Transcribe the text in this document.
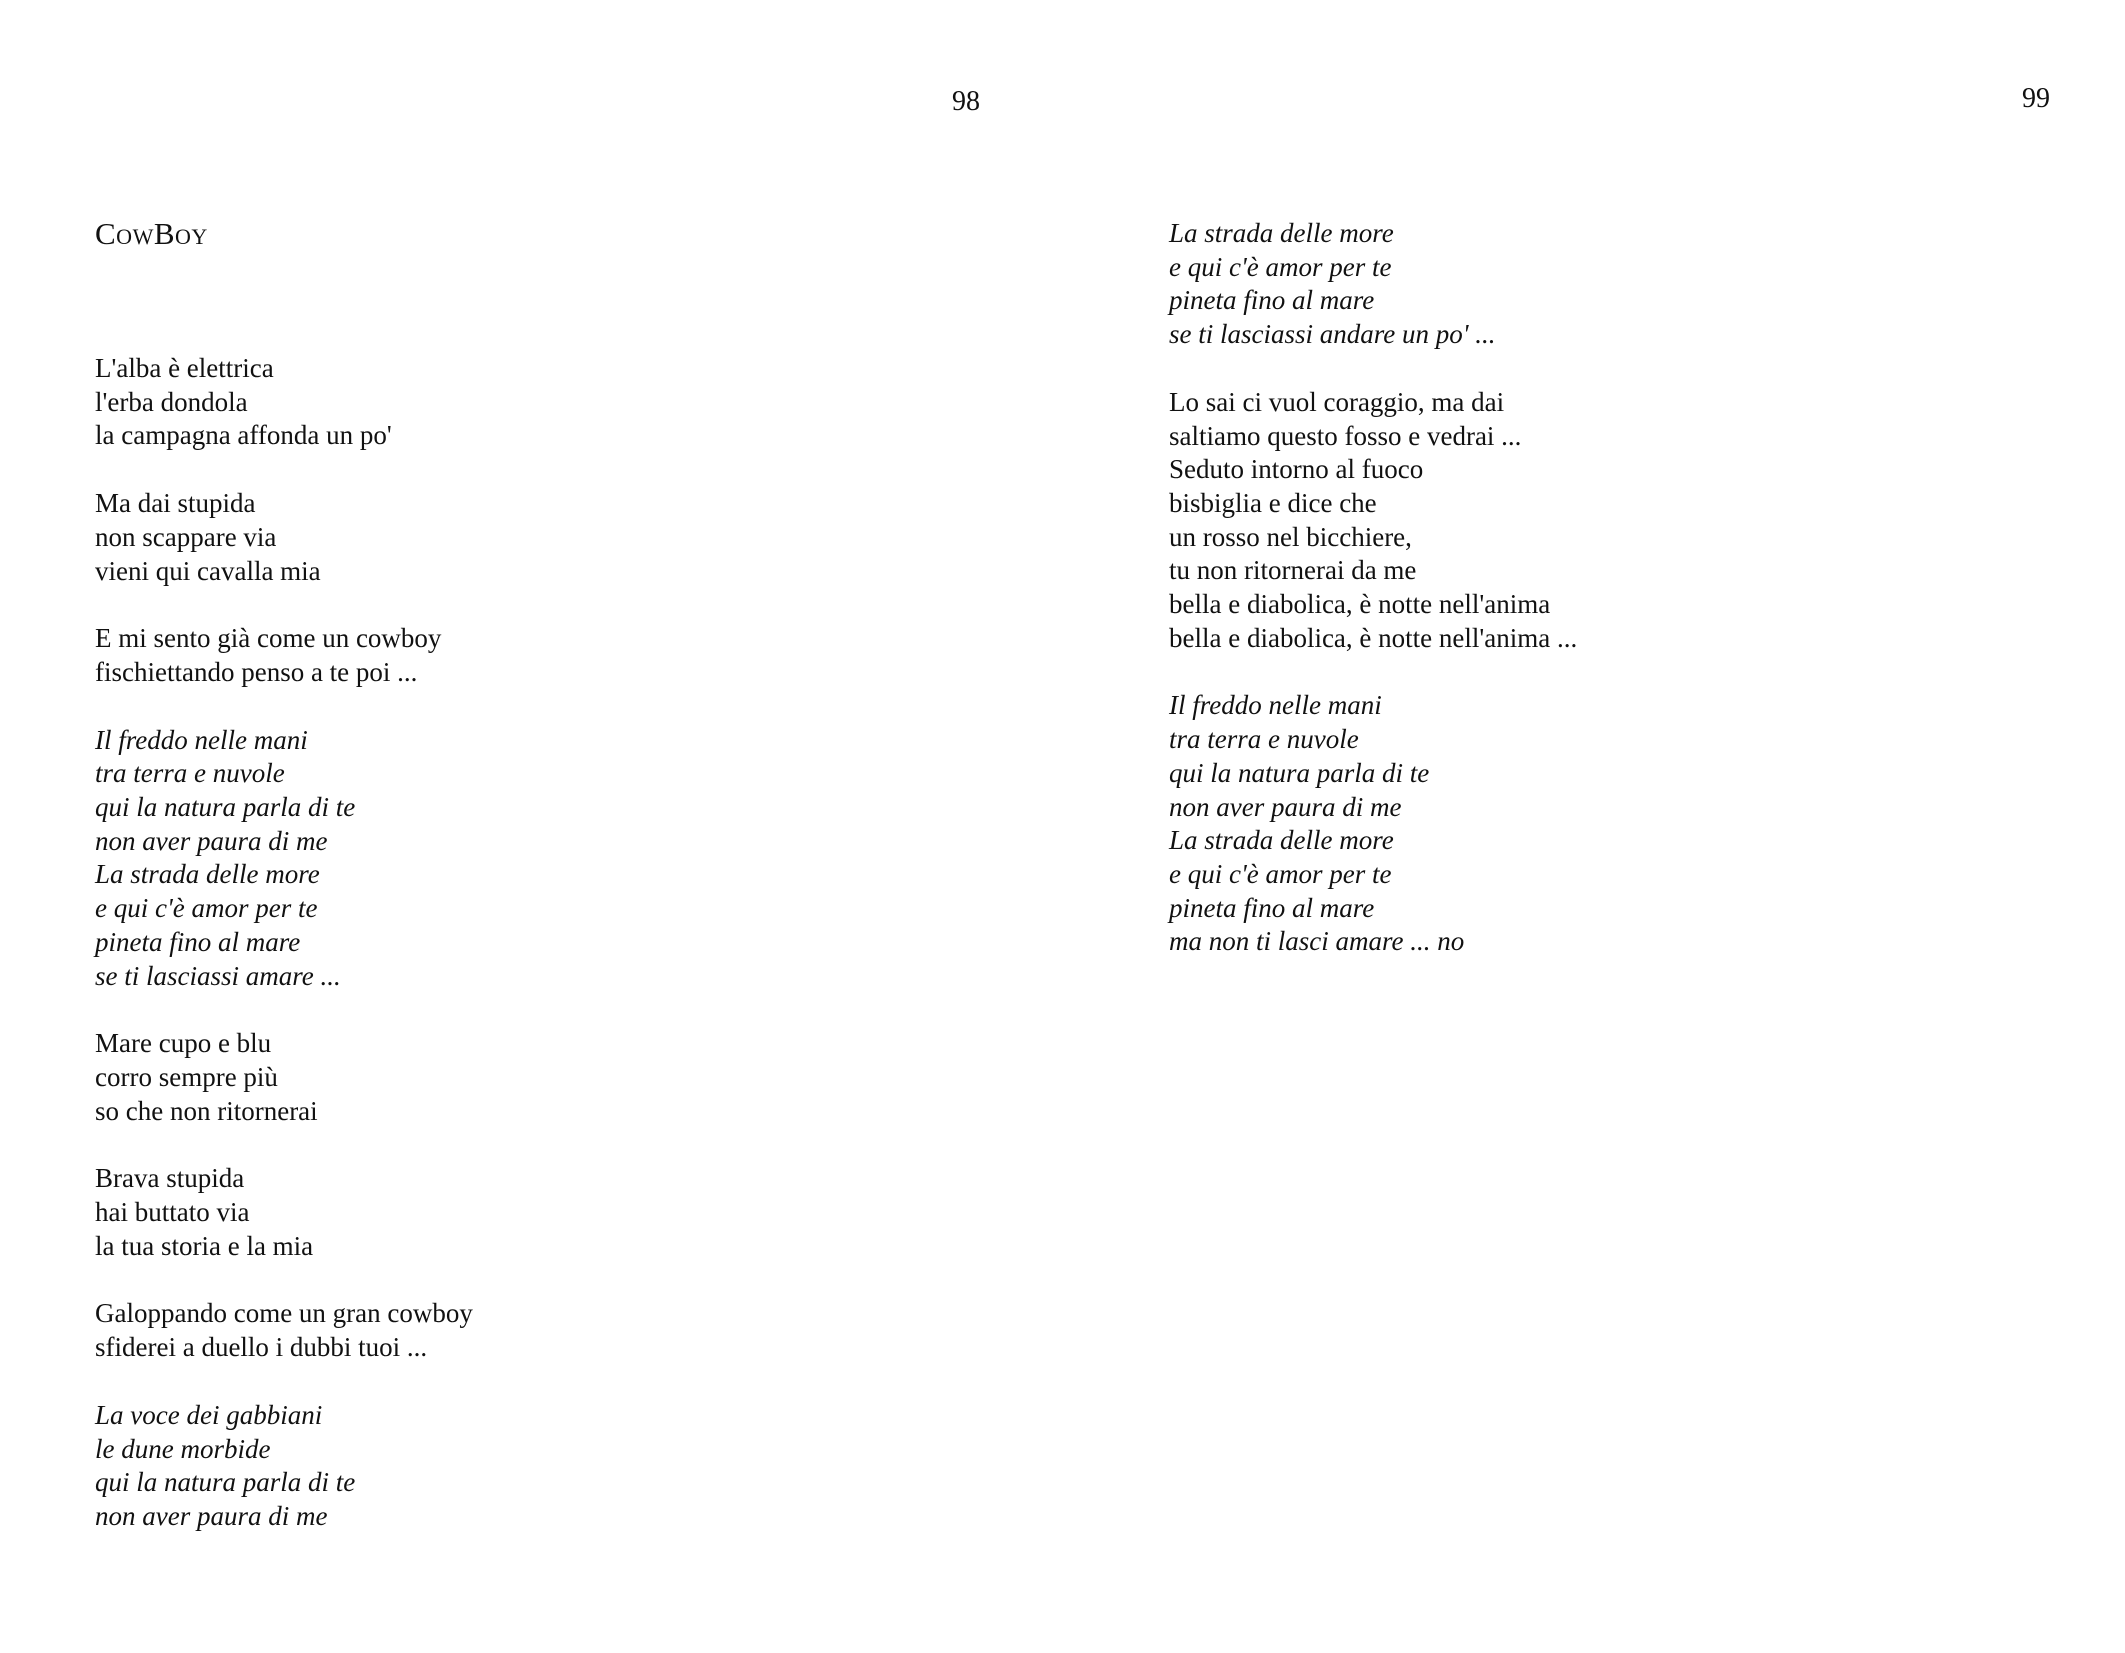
98	99
CowBoy
L'alba è elettrica
l'erba dondola
la campagna affonda un po'
Ma dai stupida
non scappare via
vieni qui cavalla mia
E mi sento già come un cowboy
fischiettando penso a te poi ...
Il freddo nelle mani
tra terra e nuvole
qui la natura parla di te
non aver paura di me
La strada delle more
e qui c'è amor per te
pineta fino al mare
se ti lasciassi amare ...
Mare cupo e blu
corro sempre più
so che non ritornerai
Brava stupida
hai buttato via
la tua storia e la mia
Galoppando come un gran cowboy
sfiderei a duello i dubbi tuoi ...
La voce dei gabbiani
le dune morbide
qui la natura parla di te
non aver paura di me
La strada delle more
e qui c'è amor per te
pineta fino al mare
se ti lasciassi andare un po' ...
Lo sai ci vuol coraggio, ma dai
saltiamo questo fosso e vedrai ...
Seduto intorno al fuoco
bisbiglia e dice che
un rosso nel bicchiere,
tu non ritornerai da me
bella e diabolica, è notte nell'anima
bella e diabolica, è notte nell'anima ...
Il freddo nelle mani
tra terra e nuvole
qui la natura parla di te
non aver paura di me
La strada delle more
e qui c'è amor per te
pineta fino al mare
ma non ti lasci amare ... no
